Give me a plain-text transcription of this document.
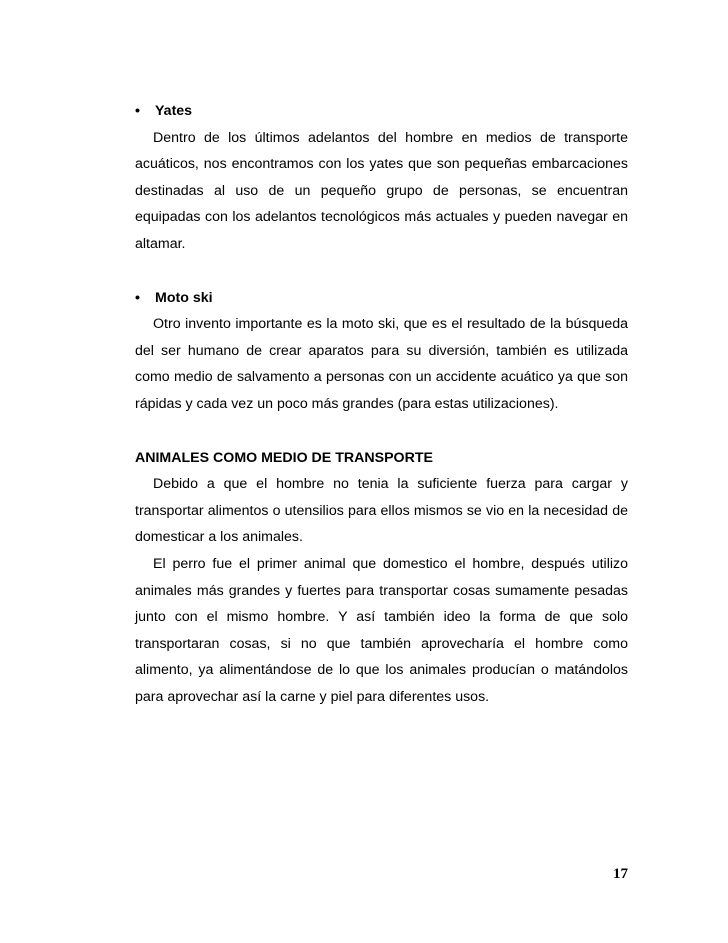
• Yates
Dentro de los últimos adelantos del hombre en medios de transporte acuáticos, nos encontramos con los yates que son pequeñas embarcaciones destinadas al uso de un pequeño grupo de personas, se encuentran equipadas con los adelantos tecnológicos más actuales y pueden navegar en altamar.
• Moto ski
Otro invento importante es la moto ski, que es el resultado de la búsqueda del ser humano de crear aparatos para su diversión, también es utilizada como medio de salvamento a personas con un accidente acuático ya que son rápidas y cada vez un poco más grandes (para estas utilizaciones).
ANIMALES COMO MEDIO DE TRANSPORTE
Debido a que el hombre no tenia la suficiente fuerza para cargar y transportar alimentos o utensilios para ellos mismos se vio en la necesidad de domesticar a los animales.
El perro fue el primer animal que domestico el hombre, después utilizo animales más grandes y fuertes para transportar cosas sumamente pesadas junto con el mismo hombre. Y así también ideo la forma de que solo transportaran cosas, si no que también aprovecharía el hombre como alimento, ya alimentándose de lo que los animales producían o matándolos para aprovechar así la carne y piel para diferentes usos.
17
